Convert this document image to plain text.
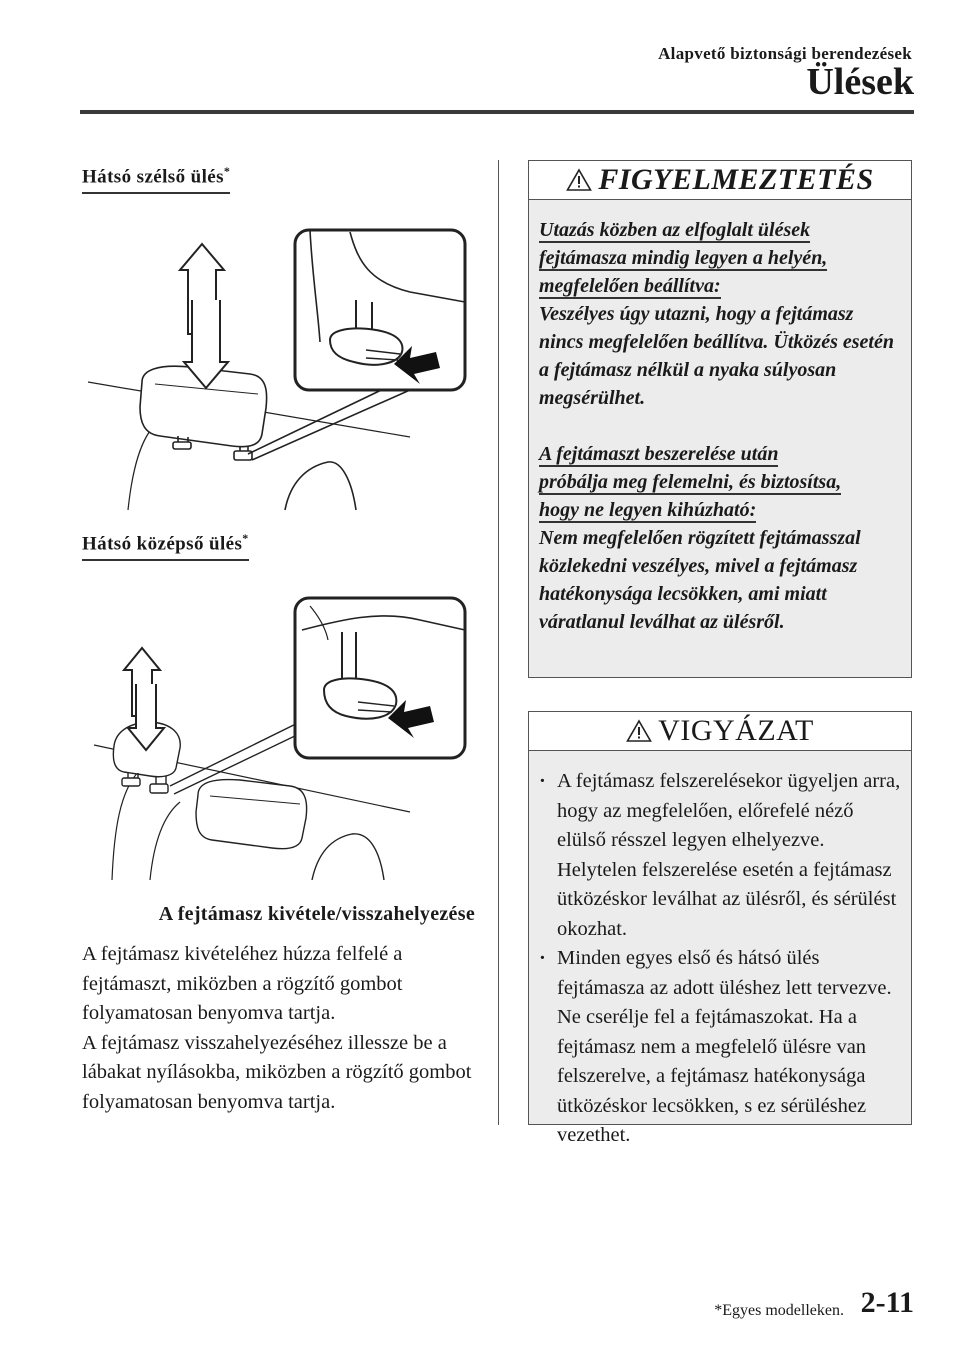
Alapvető biztonsági berendezések
Ülések
Hátsó szélső ülés*
Hátsó középső ülés*
A fejtámasz kivétele/visszahelyezése

A fejtámasz kivételéhez húzza felfelé a fejtámaszt, miközben a rögzítő gombot folyamatosan benyomva tartja.

A fejtámasz visszahelyezéséhez illessze be a lábakat nyílásokba, miközben a rögzítő gombot folyamatosan benyomva tartja.

FIGYELMEZTETÉS
Utazás közben az elfoglalt ülések
fejtámasza mindig legyen a helyén,
megfelelően beállítva:
Veszélyes úgy utazni, hogy a fejtámasz nincs megfelelően beállítva. Ütközés esetén a fejtámasz nélkül a nyaka súlyosan megsérülhet.
A fejtámaszt beszerelése után
próbálja meg felemelni, és biztosítsa,
hogy ne legyen kihúzható:
Nem megfelelően rögzített fejtámasszal közlekedni veszélyes, mivel a fejtámasz hatékonysága lecsökken, ami miatt váratlanul leválhat az ülésről.
VIGYÁZAT
· A fejtámasz felszerelésekor ügyeljen arra, hogy az megfelelően, előrefelé néző elülső résszel legyen elhelyezve. Helytelen felszerelése esetén a fejtámasz ütközéskor leválhat az ülésről, és sérülést okozhat.
· Minden egyes első és hátsó ülés fejtámasza az adott üléshez lett tervezve. Ne cserélje fel a fejtámaszokat. Ha a fejtámasz nem a megfelelő ülésre van felszerelve, a fejtámasz hatékonysága ütközéskor lecsökken, s ez sérüléshez vezethet.
*Egyes modelleken. 2-11
